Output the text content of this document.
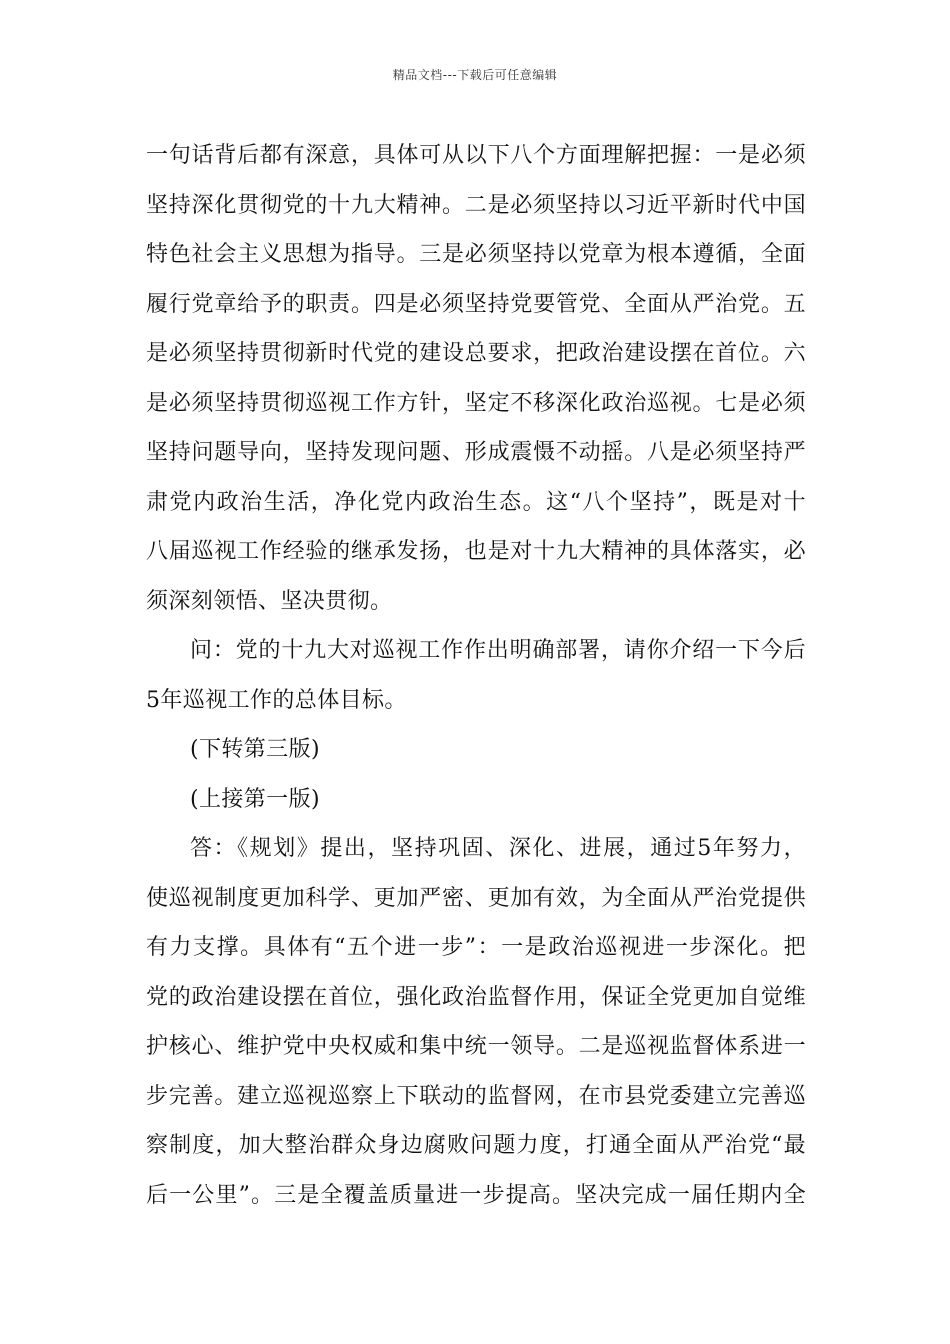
精品文档---下载后可任意编辑
一句话背后都有深意，具体可从以下八个方面理解把握：一是必须
坚持深化贯彻党的十九大精神。二是必须坚持以习近平新时代中国
特色社会主义思想为指导。三是必须坚持以党章为根本遵循，全面
履行党章给予的职责。四是必须坚持党要管党、全面从严治党。五
是必须坚持贯彻新时代党的建设总要求，把政治建设摆在首位。六
是必须坚持贯彻巡视工作方针，坚定不移深化政治巡视。七是必须
坚持问题导向，坚持发现问题、形成震慑不动摇。八是必须坚持严
肃党内政治生活，净化党内政治生态。这“八个坚持”，既是对十
八届巡视工作经验的继承发扬，也是对十九大精神的具体落实，必
须深刻领悟、坚决贯彻。
问：党的十九大对巡视工作作出明确部署，请你介绍一下今后
5年巡视工作的总体目标。
(下转第三版)
(上接第一版)
答：《规划》提出，坚持巩固、深化、进展，通过5年努力，
使巡视制度更加科学、更加严密、更加有效，为全面从严治党提供
有力支撑。具体有“五个进一步”：一是政治巡视进一步深化。把
党的政治建设摆在首位，强化政治监督作用，保证全党更加自觉维
护核心、维护党中央权威和集中统一领导。二是巡视监督体系进一
步完善。建立巡视巡察上下联动的监督网，在市县党委建立完善巡
察制度，加大整治群众身边腐败问题力度，打通全面从严治党“最
后一公里”。三是全覆盖质量进一步提高。坚决完成一届任期内全
